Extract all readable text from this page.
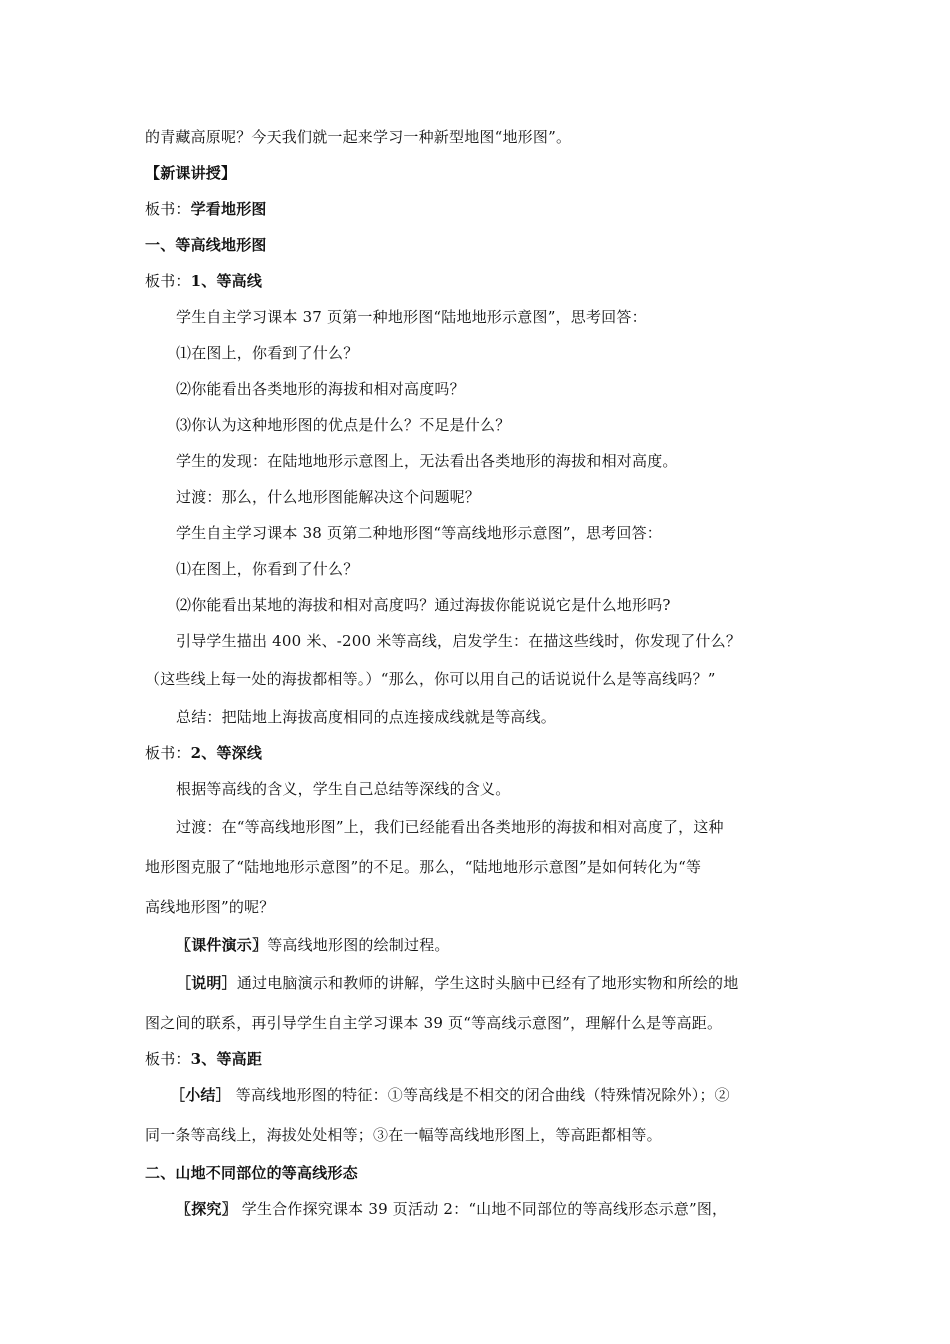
的青藏高原呢？今天我们就一起来学习一种新型地图“地形图”。
【新课讲授】
板书：学看地形图
一、等高线地形图
板书：1、等高线
学生自主学习课本 37 页第一种地形图“陆地地形示意图”，思考回答：
⑴在图上，你看到了什么？
⑵你能看出各类地形的海拔和相对高度吗？
⑶你认为这种地形图的优点是什么？不足是什么？
学生的发现：在陆地地形示意图上，无法看出各类地形的海拔和相对高度。
过渡：那么，什么地形图能解决这个问题呢？
学生自主学习课本 38 页第二种地形图“等高线地形示意图”，思考回答：
⑴在图上，你看到了什么？
⑵你能看出某地的海拔和相对高度吗？通过海拔你能说说它是什么地形吗?
引导学生描出 400 米、-200 米等高线，启发学生：在描这些线时，你发现了什么？
（这些线上每一处的海拔都相等。）“那么，你可以用自己的话说说什么是等高线吗？”
总结：把陆地上海拔高度相同的点连接成线就是等高线。
板书：2、等深线
根据等高线的含义，学生自己总结等深线的含义。
过渡：在“等高线地形图”上，我们已经能看出各类地形的海拔和相对高度了，这种
地形图克服了“陆地地形示意图”的不足。那么，“陆地地形示意图”是如何转化为“等
高线地形图”的呢？
〖课件演示〗等高线地形图的绘制过程。
［说明］通过电脑演示和教师的讲解，学生这时头脑中已经有了地形实物和所绘的地
图之间的联系，再引导学生自主学习课本 39 页“等高线示意图”，理解什么是等高距。
板书：3、等高距
［小结］ 等高线地形图的特征：①等高线是不相交的闭合曲线（特殊情况除外）；②
同一条等高线上，海拔处处相等；③在一幅等高线地形图上，等高距都相等。
二、山地不同部位的等高线形态
〖探究〗 学生合作探究课本 39 页活动 2：“山地不同部位的等高线形态示意”图，
